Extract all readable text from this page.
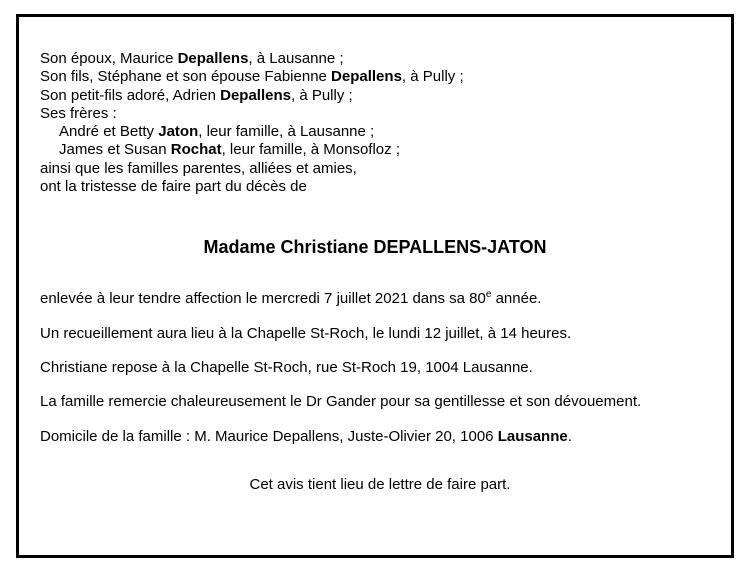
Son époux, Maurice Depallens, à Lausanne ;
Son fils, Stéphane et son épouse Fabienne Depallens, à Pully ;
Son petit-fils adoré, Adrien Depallens, à Pully ;
Ses frères :
André et Betty Jaton, leur famille, à Lausanne ;
James et Susan Rochat, leur famille, à Monsofloz ;
ainsi que les familles parentes, alliées et amies,
ont la tristesse de faire part du décès de
Madame Christiane DEPALLENS-JATON
enlevée à leur tendre affection le mercredi 7 juillet 2021 dans sa 80e année.
Un recueillement aura lieu à la Chapelle St-Roch, le lundi 12 juillet, à 14 heures.
Christiane repose à la Chapelle St-Roch, rue St-Roch 19, 1004 Lausanne.
La famille remercie chaleureusement le Dr Gander pour sa gentillesse et son dévouement.
Domicile de la famille : M. Maurice Depallens, Juste-Olivier 20, 1006 Lausanne.
Cet avis tient lieu de lettre de faire part.
